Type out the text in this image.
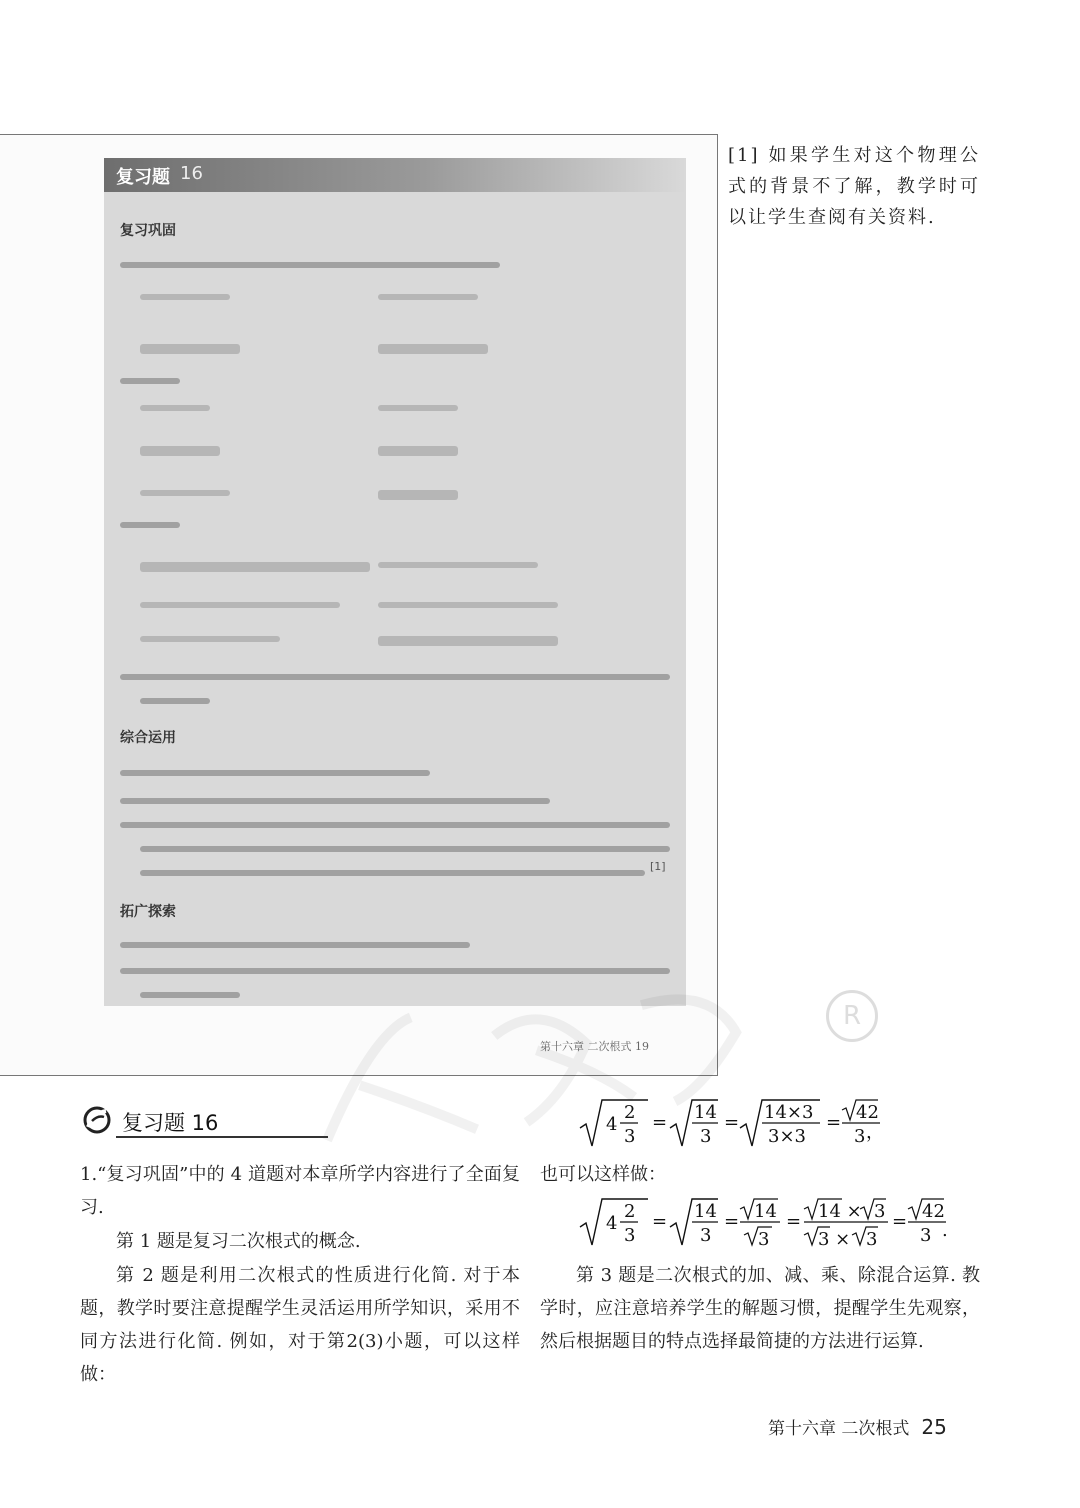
复习题 16
复习巩固
综合运用
拓广探索
[1]
第十六章 二次根式 19
R
[1] 如果学生对这个物理公式的背景不了解，教学时可以让学生查阅有关资料.
复习题 16
1.“复习巩固”中的 4 道题对本章所学内容进行了全面复习.
第 1 题是复习二次根式的概念.
第 2 题是利用二次根式的性质进行化简. 对于本题，教学时要注意提醒学生灵活运用所学知识，采用不同方法进行化简. 例如，对于第2(3)小题，可以这样做：
4
2
3
= 14
3
= 14×3
3×3
= 42
3 ，
也可以这样做：
4
2
3
= 14
3
= 14
3
= 14 × 3
3 × 3
= 42
3 .
第 3 题是二次根式的加、减、乘、除混合运算. 教学时，应注意培养学生的解题习惯，提醒学生先观察，然后根据题目的特点选择最简捷的方法进行运算.
第十六章 二次根式 25
